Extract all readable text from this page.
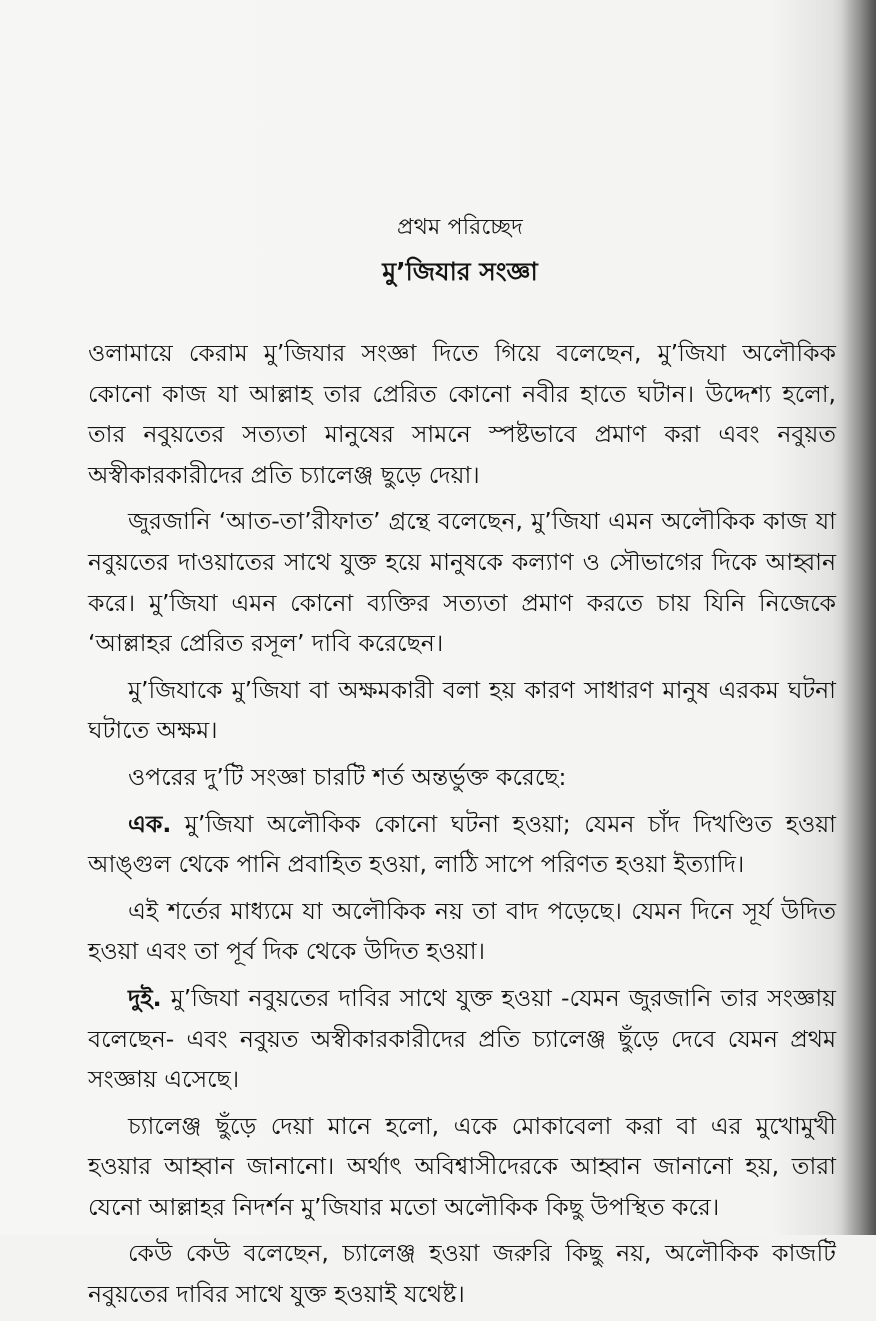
প্রথম পরিচ্ছেদ
মু’জিযার সংজ্ঞা

ওলামায়ে কেরাম মু’জিযার সংজ্ঞা দিতে গিয়ে বলেছেন, মু’জিযা অলৌকিক কোনো কাজ যা আল্লাহ তার প্রেরিত কোনো নবীর হাতে ঘটান। উদ্দেশ্য হলো, তার নবুয়তের সত্যতা মানুষের সামনে স্পষ্টভাবে প্রমাণ করা এবং নবুয়ত অস্বীকারকারীদের প্রতি চ্যালেঞ্জ ছুড়ে দেয়া।

জুরজানি ‘আত-তা’রীফাত’ গ্রন্থে বলেছেন, মু’জিযা এমন অলৌকিক কাজ যা নবুয়তের দাওয়াতের সাথে যুক্ত হয়ে মানুষকে কল্যাণ ও সৌভাগের দিকে আহ্বান করে। মু’জিযা এমন কোনো ব্যক্তির সত্যতা প্রমাণ করতে চায় যিনি নিজেকে ‘আল্লাহর প্রেরিত রসূল’ দাবি করেছেন।

মু’জিযাকে মু’জিযা বা অক্ষমকারী বলা হয় কারণ সাধারণ মানুষ এরকম ঘটনা ঘটাতে অক্ষম।

ওপরের দু’টি সংজ্ঞা চারটি শর্ত অন্তর্ভুক্ত করেছে:

এক. মু’জিযা অলৌকিক কোনো ঘটনা হওয়া; যেমন চাঁদ দিখণ্ডিত হওয়া আঙ্গুল থেকে পানি প্রবাহিত হওয়া, লাঠি সাপে পরিণত হওয়া ইত্যাদি।

এই শর্তের মাধ্যমে যা অলৌকিক নয় তা বাদ পড়েছে। যেমন দিনে সূর্য উদিত হওয়া এবং তা পূর্ব দিক থেকে উদিত হওয়া।

দুই. মু’জিযা নবুয়তের দাবির সাথে যুক্ত হওয়া -যেমন জুরজানি তার সংজ্ঞায় বলেছেন- এবং নবুয়ত অস্বীকারকারীদের প্রতি চ্যালেঞ্জ ছুঁড়ে দেবে যেমন প্রথম সংজ্ঞায় এসেছে।

চ্যালেঞ্জ ছুঁড়ে দেয়া মানে হলো, একে মোকাবেলা করা বা এর মুখোমুখী হওয়ার আহ্বান জানানো। অর্থাৎ অবিশ্বাসীদেরকে আহ্বান জানানো হয়, তারা যেনো আল্লাহর নিদর্শন মু’জিযার মতো অলৌকিক কিছু উপস্থিত করে।

কেউ কেউ বলেছেন, চ্যালেঞ্জ হওয়া জরুরি কিছু নয়, অলৌকিক কাজটি নবুয়তের দাবির সাথে যুক্ত হওয়াই যথেষ্ট।
